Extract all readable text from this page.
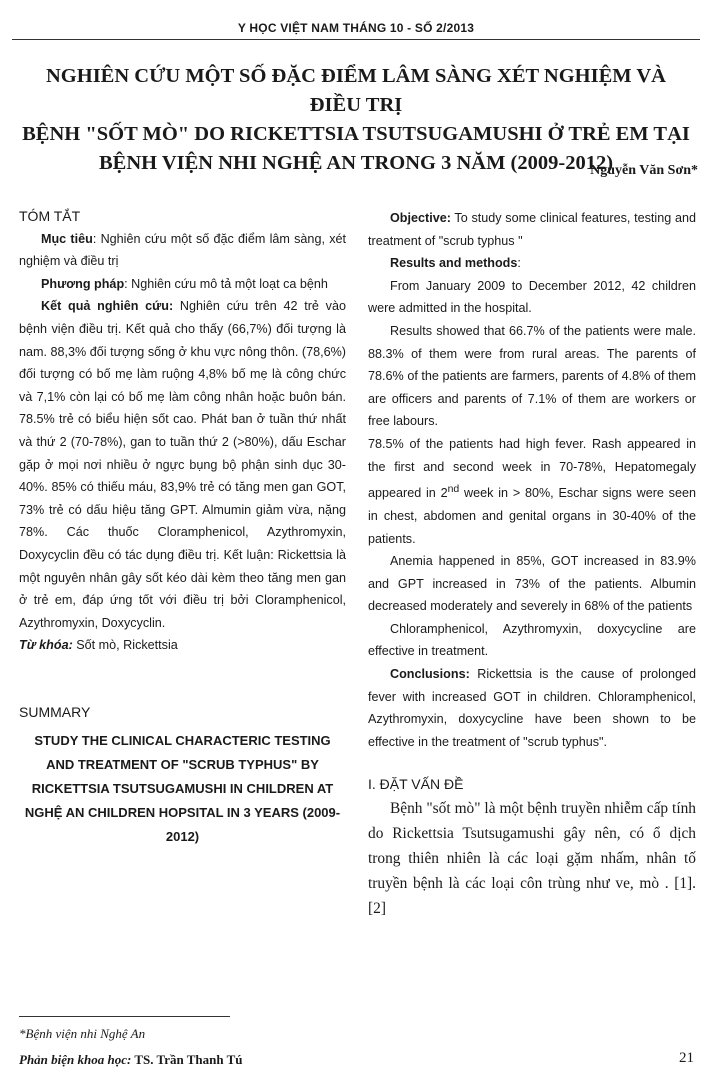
Y HỌC VIỆT NAM THÁNG 10 - SỐ 2/2013
NGHIÊN CỨU MỘT SỐ ĐẶC ĐIỂM LÂM SÀNG XÉT NGHIỆM VÀ ĐIỀU TRỊ
BỆNH "SỐT MÒ" DO RICKETTSIA TSUTSUGAMUSHI Ở TRẺ EM TẠI
BỆNH VIỆN NHI NGHỆ AN TRONG 3 NĂM (2009-2012)
Nguyễn Văn Sơn*

TÓM TẮT

Mục tiêu: Nghiên cứu một số đặc điểm lâm sàng, xét nghiệm và điều trị

Phương pháp: Nghiên cứu mô tả một loạt ca bệnh

Kết quả nghiên cứu: Nghiên cứu trên 42 trẻ vào bệnh viện điều trị. Kết quả cho thấy (66,7%) đối tượng là nam. 88,3% đối tượng sống ở khu vực nông thôn. (78,6%) đối tượng có bố mẹ làm ruộng 4,8% bố mẹ là công chức và 7,1% còn lại có bố mẹ làm công nhân hoặc buôn bán. 78.5% trẻ có biểu hiện sốt cao. Phát ban ở tuần thứ nhất và thứ 2 (70-78%), gan to tuần thứ 2 (>80%), dấu Eschar gặp ở mọi nơi nhiều ở ngực bụng bộ phận sinh dục 30-40%. 85% có thiếu máu, 83,9% trẻ có tăng men gan GOT, 73% trẻ có dấu hiệu tăng GPT. Almumin giảm vừa, nặng 78%. Các thuốc Cloramphenicol, Azythromyxin, Doxycyclin đều có tác dụng điều trị. Kết luận: Rickettsia là một nguyên nhân gây sốt kéo dài kèm theo tăng men gan ở trẻ em, đáp ứng tốt với điều trị bởi Cloramphenicol, Azythromyxin, Doxycyclin.

Từ khóa: Sốt mò, Rickettsia

SUMMARY

STUDY THE CLINICAL CHARACTERIC TESTING AND TREATMENT OF "SCRUB TYPHUS" BY RICKETTSIA TSUTSUGAMUSHI IN CHILDREN AT NGHỆ AN CHILDREN HOPSITAL IN 3 YEARS (2009-2012)

Objective: To study some clinical features, testing and treatment of "scrub typhus "

Results and methods:

From January 2009 to December 2012, 42 children were admitted in the hospital.

Results showed that 66.7% of the patients were male. 88.3% of them were from rural areas. The parents of 78.6% of the patients are farmers, parents of 4.8% of them are officers and parents of 7.1% of them are workers or free labours.

78.5% of the patients had high fever. Rash appeared in the first and second week in 70-78%, Hepatomegaly appeared in 2nd week in > 80%, Eschar signs were seen in chest, abdomen and genital organs in 30-40% of the patients.

Anemia happened in 85%, GOT increased in 83.9% and GPT increased in 73% of the patients. Albumin decreased moderately and severely in 68% of the patients

Chloramphenicol, Azythromyxin, doxycycline are effective in treatment.

Conclusions: Rickettsia is the cause of prolonged fever with increased GOT in children. Chloramphenicol, Azythromyxin, doxycycline have been shown to be effective in the treatment of "scrub typhus".

I. ĐẶT VẤN ĐỀ

Bệnh "sốt mò" là một bệnh truyền nhiễm cấp tính do Rickettsia Tsutsugamushi gây nên, có ổ dịch trong thiên nhiên là các loại gặm nhấm, nhân tố truyền bệnh là các loại côn trùng như ve, mò . [1]. [2]

*Bệnh viện nhi Nghệ An
Phản biện khoa học: TS. Trần Thanh Tú	21
